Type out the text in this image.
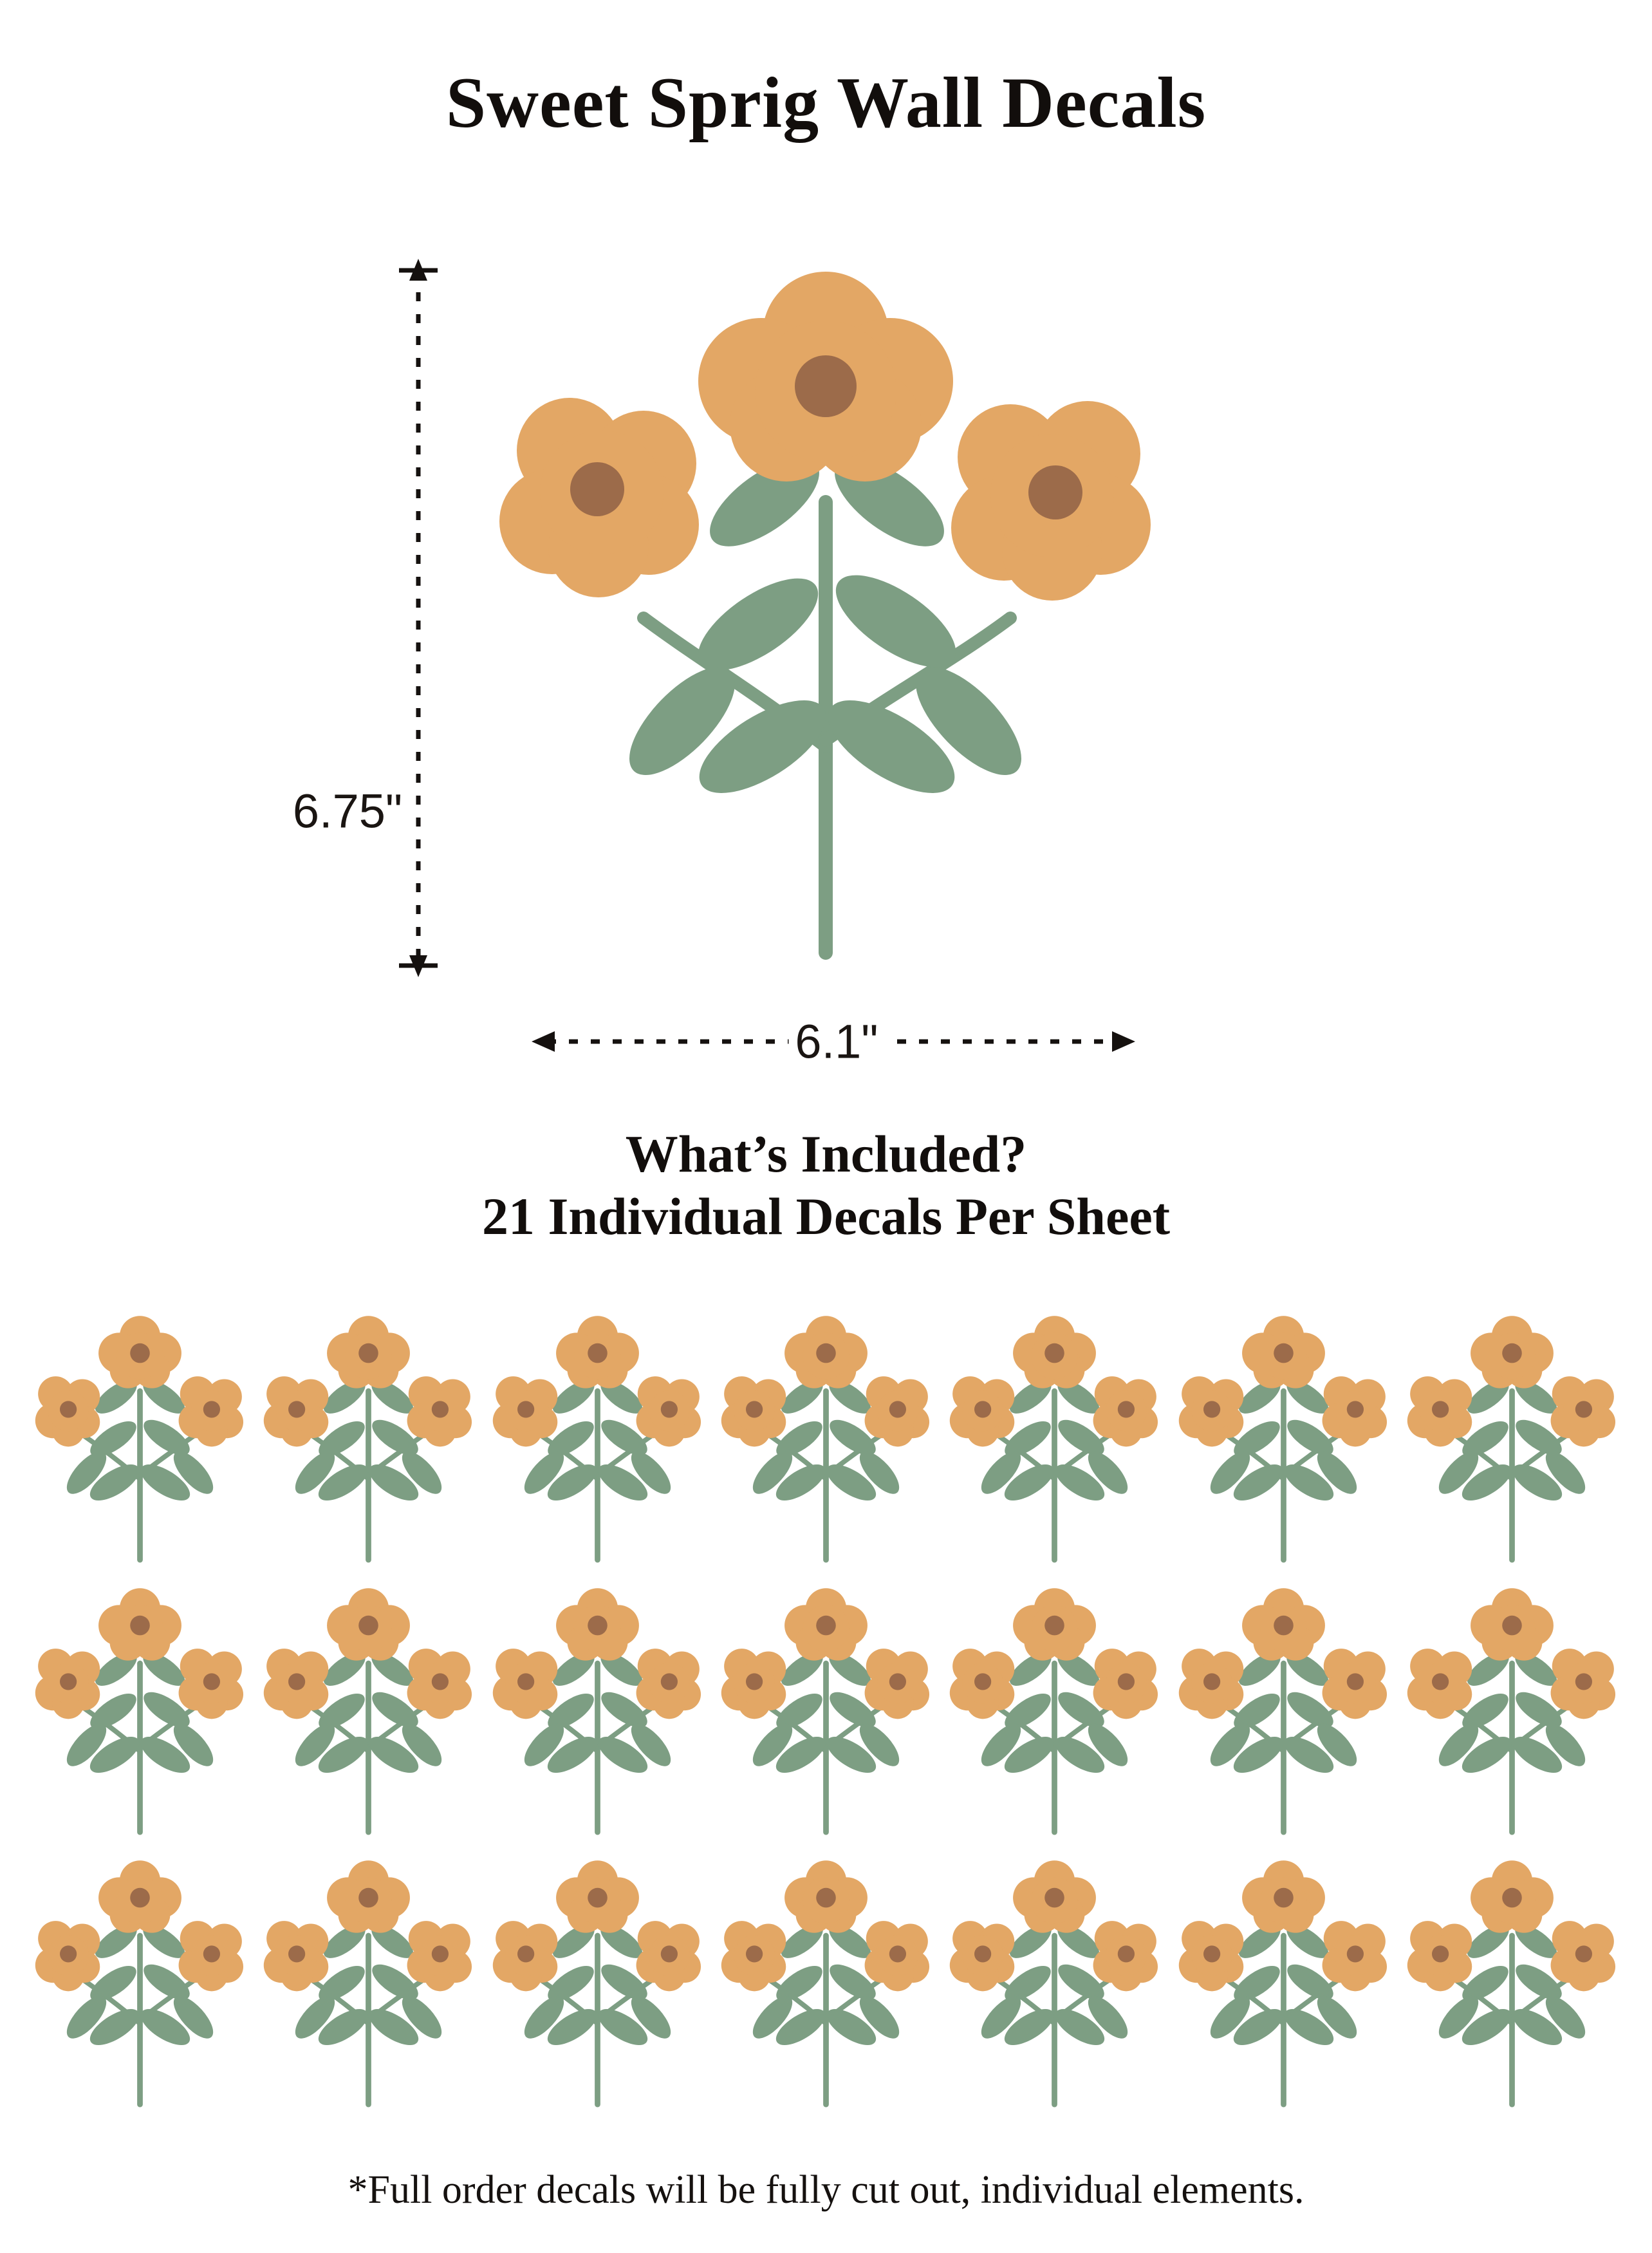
Sweet Sprig Wall Decals
6.75"
6.1"
What’s Included?
21 Individual Decals Per Sheet
*Full order decals will be fully cut out, individual elements.
